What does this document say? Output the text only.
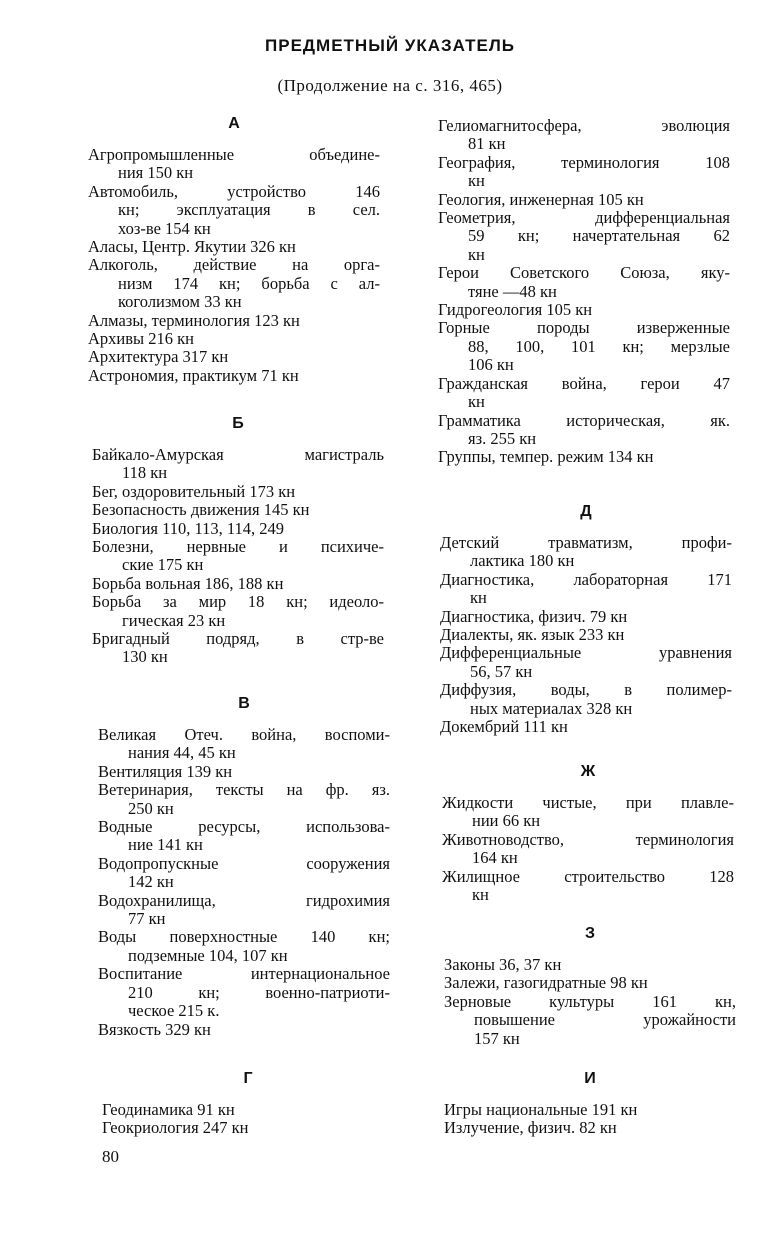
ПРЕДМЕТНЫЙ УКАЗАТЕЛЬ
(Продолжение на с. 316, 465)
А
Агропромышленные объедине-
ния 150 кн
Автомобиль, устройство 146
кн; эксплуатация в сел.
хоз-ве 154 кн
Аласы, Центр. Якутии 326 кн
Алкоголь, действие на орга-
низм 174 кн; борьба с ал-
коголизмом 33 кн
Алмазы, терминология 123 кн
Архивы 216 кн
Архитектура 317 кн
Астрономия, практикум 71 кн
Б
Байкало-Амурская магистраль
118 кн
Бег, оздоровительный 173 кн
Безопасность движения 145 кн
Биология 110, 113, 114, 249
Болезни, нервные и психиче-
ские 175 кн
Борьба вольная 186, 188 кн
Борьба за мир 18 кн; идеоло-
гическая 23 кн
Бригадный подряд, в стр-ве
130 кн
В
Великая Отеч. война, воспоми-
нания 44, 45 кн
Вентиляция 139 кн
Ветеринария, тексты на фр. яз.
250 кн
Водные ресурсы, использова-
ние 141 кн
Водопропускные сооружения
142 кн
Водохранилища, гидрохимия
77 кн
Воды поверхностные 140 кн;
подземные 104, 107 кн
Воспитание интернациональное
210 кн; военно-патриоти-
ческое 215 к.
Вязкость 329 кн
Г
Геодинамика 91 кн
Геокриология 247 кн
Гелиомагнитосфера, эволюция
81 кн
География, терминология 108
кн
Геология, инженерная 105 кн
Геометрия, дифференциальная
59 кн; начертательная 62
кн
Герои Советского Союза, яку-
тяне —48 кн
Гидрогеология 105 кн
Горные породы изверженные
88, 100, 101 кн; мерзлые
106 кн
Гражданская война, герои 47
кн
Грамматика историческая, як.
яз. 255 кн
Группы, темпер. режим 134 кн
Д
Детский травматизм, профи-
лактика 180 кн
Диагностика, лабораторная 171
кн
Диагностика, физич. 79 кн
Диалекты, як. язык 233 кн
Дифференциальные уравнения
56, 57 кн
Диффузия, воды, в полимер-
ных материалах 328 кн
Докембрий 111 кн
Ж
Жидкости чистые, при плавле-
нии 66 кн
Животноводство, терминология
164 кн
Жилищное строительство 128
кн
З
Законы 36, 37 кн
Залежи, газогидратные 98 кн
Зерновые культуры 161 кн,
повышение урожайности
157 кн
И
Игры национальные 191 кн
Излучение, физич. 82 кн
80
